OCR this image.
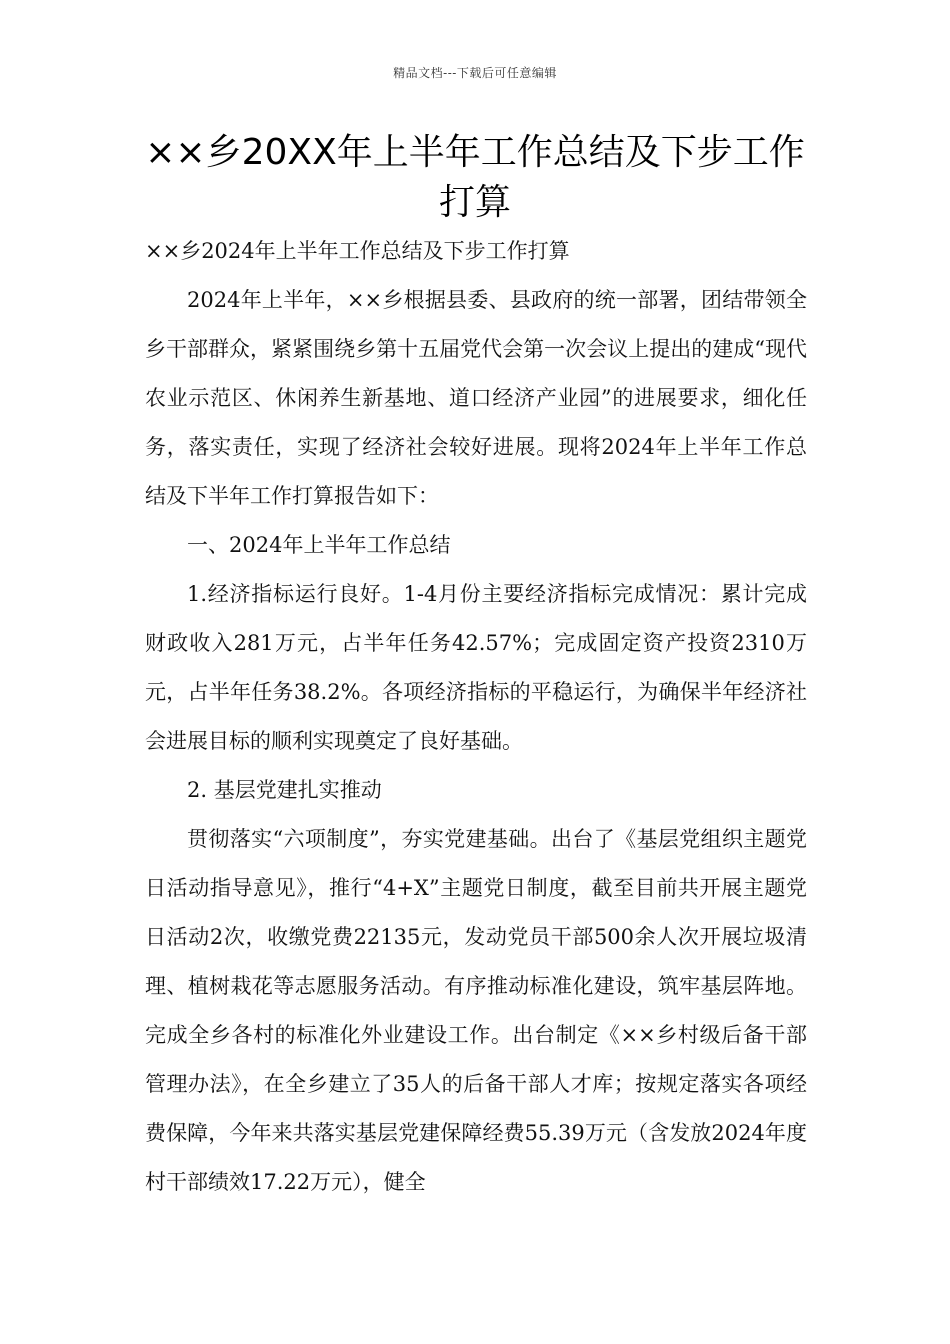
精品文档---下载后可任意编辑
××乡20XX年上半年工作总结及下步工作打算

××乡2024年上半年工作总结及下步工作打算

2024年上半年，××乡根据县委、县政府的统一部署，团结带领全乡干部群众，紧紧围绕乡第十五届党代会第一次会议上提出的建成“现代农业示范区、休闲养生新基地、道口经济产业园”的进展要求，细化任务，落实责任，实现了经济社会较好进展。现将2024年上半年工作总结及下半年工作打算报告如下：

一、2024年上半年工作总结

1.经济指标运行良好。1-4月份主要经济指标完成情况：累计完成财政收入281万元，占半年任务42.57%；完成固定资产投资2310万元，占半年任务38.2%。各项经济指标的平稳运行，为确保半年经济社会进展目标的顺利实现奠定了良好基础。

2. 基层党建扎实推动

贯彻落实“六项制度”，夯实党建基础。出台了《基层党组织主题党日活动指导意见》，推行“4+X”主题党日制度，截至目前共开展主题党日活动2次，收缴党费22135元，发动党员干部500余人次开展垃圾清理、植树栽花等志愿服务活动。有序推动标准化建设，筑牢基层阵地。完成全乡各村的标准化外业建设工作。出台制定《××乡村级后备干部管理办法》，在全乡建立了35人的后备干部人才库；按规定落实各项经费保障，今年来共落实基层党建保障经费55.39万元（含发放2024年度村干部绩效17.22万元），健全
